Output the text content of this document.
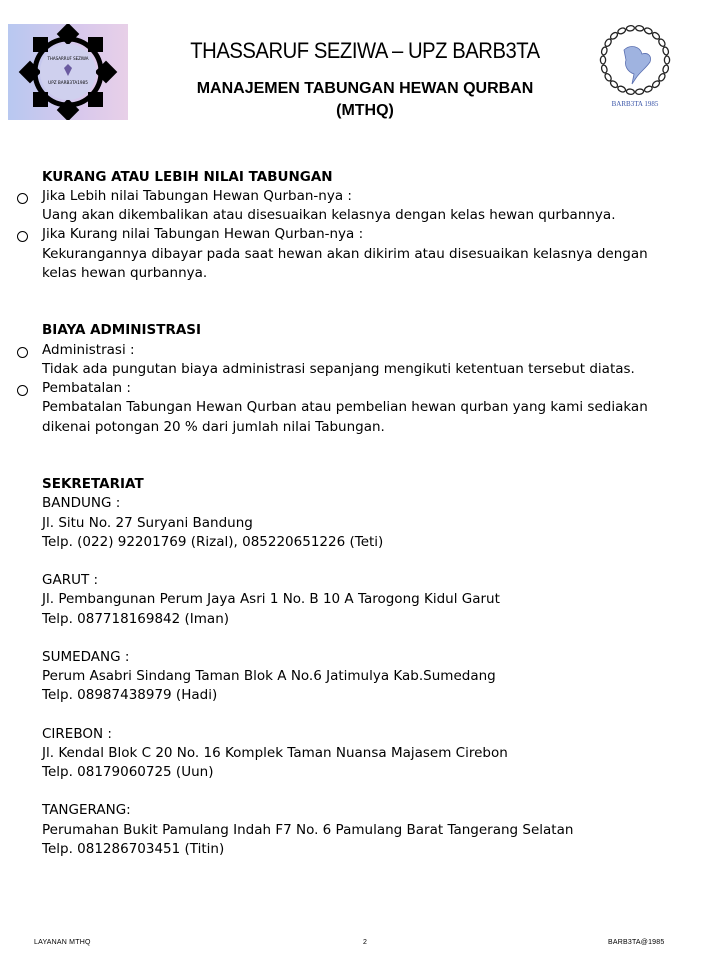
THASARRUF SEZIWA
UPZ BARB3TA1985
THASSARUF SEZIWA – UPZ BARB3TA
MANAJEMEN TABUNGAN HEWAN QURBAN
(MTHQ)	BARB3TA 1985
KURANG ATAU LEBIH NILAI TABUNGAN
Jika Lebih nilai Tabungan Hewan Qurban-nya :
Uang akan dikembalikan atau disesuaikan kelasnya dengan kelas hewan qurbannya.
Jika Kurang nilai Tabungan Hewan Qurban-nya :
Kekurangannya dibayar pada saat hewan akan dikirim atau disesuaikan kelasnya dengan
kelas hewan qurbannya.
BIAYA ADMINISTRASI
Administrasi :
Tidak ada pungutan biaya administrasi sepanjang mengikuti ketentuan tersebut diatas.
Pembatalan :
Pembatalan Tabungan Hewan Qurban atau pembelian hewan qurban yang kami sediakan
dikenai potongan 20 % dari jumlah nilai Tabungan.
SEKRETARIAT
BANDUNG :
Jl. Situ No. 27 Suryani Bandung
Telp. (022) 92201769 (Rizal), 085220651226 (Teti)
GARUT :
Jl. Pembangunan Perum Jaya Asri 1 No. B 10 A Tarogong Kidul Garut
Telp. 087718169842 (Iman)
SUMEDANG :
Perum Asabri Sindang Taman Blok A No.6 Jatimulya Kab.Sumedang
Telp. 08987438979 (Hadi)
CIREBON :
Jl. Kendal Blok C 20 No. 16 Komplek Taman Nuansa Majasem Cirebon
Telp. 08179060725 (Uun)
TANGERANG:
Perumahan Bukit Pamulang Indah F7 No. 6 Pamulang Barat Tangerang Selatan
Telp. 081286703451 (Titin)
LAYANAN MTHQ	2	BARB3TA@1985
